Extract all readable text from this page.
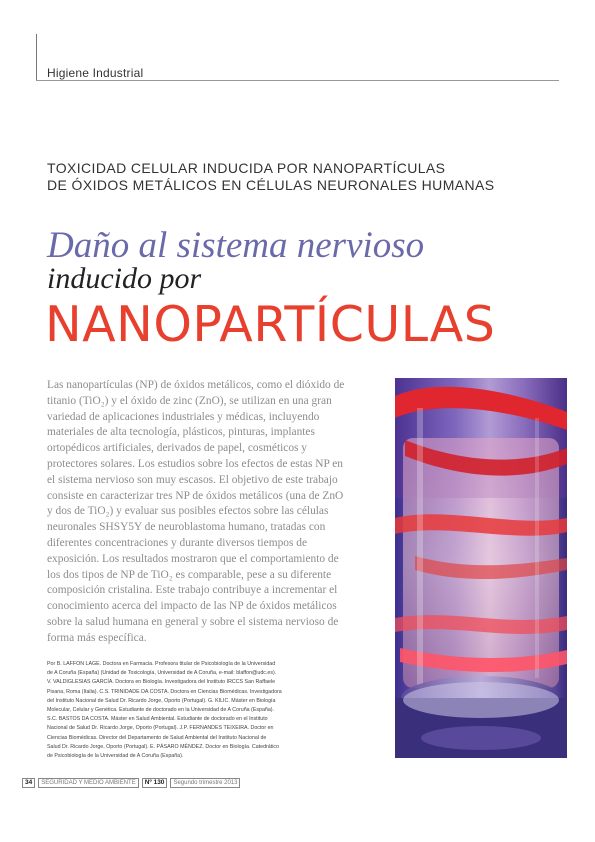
Higiene Industrial
TOXICIDAD CELULAR INDUCIDA POR NANOPARTÍCULAS
DE ÓXIDOS METÁLICOS EN CÉLULAS NEURONALES HUMANAS
Daño al sistema nervioso
inducido por
NANOPARTÍCULAS
Las nanopartículas (NP) de óxidos metálicos, como el dióxido de
titanio (TiO₂) y el óxido de zinc (ZnO), se utilizan en una gran
variedad de aplicaciones industriales y médicas, incluyendo
materiales de alta tecnología, plásticos, pinturas, implantes
ortopédicos artificiales, derivados de papel, cosméticos y
protectores solares. Los estudios sobre los efectos de estas NP en
el sistema nervioso son muy escasos. El objetivo de este trabajo
consiste en caracterizar tres NP de óxidos metálicos (una de ZnO
y dos de TiO₂) y evaluar sus posibles efectos sobre las células
neuronales SHSY5Y de neuroblastoma humano, tratadas con
diferentes concentraciones y durante diversos tiempos de
exposición. Los resultados mostraron que el comportamiento de
los dos tipos de NP de TiO₂ es comparable, pese a su diferente
composición cristalina. Este trabajo contribuye a incrementar el
conocimiento acerca del impacto de las NP de óxidos metálicos
sobre la salud humana en general y sobre el sistema nervioso de
forma más específica.
Por B. LAFFON LAGE. Doctora en Farmacia. Profesora titular de Psicobiología de la Universidad
de A Coruña (España) (Unidad de Toxicología, Universidad de A Coruña, e-mail: blaffon@udc.es).
V. VALDIGLESIAS GARCÍA. Doctora en Biología. Investigadora del Instituto IRCCS San Raffaele
Pisana, Roma (Italia). C.S. TRINIDADE DA COSTA. Doctora en Ciencias Biomédicas. Investigadora
del Instituto Nacional de Salud Dr. Ricardo Jorge, Oporto (Portugal). G. KILIC. Máster en Biología
Molecular, Celular y Genética. Estudiante de doctorado en la Universidad de A Coruña (España).
S.C. BASTOS DA COSTA. Máster en Salud Ambiental. Estudiante de doctorado en el Instituto
Nacional de Salud Dr. Ricardo Jorge, Oporto (Portugal). J.P. FERNANDES TEIXEIRA. Doctor en
Ciencias Biomédicas. Director del Departamento de Salud Ambiental del Instituto Nacional de
Salud Dr. Ricardo Jorge, Oporto (Portugal). E. PÁSARO MÉNDEZ. Doctor en Biología. Catedrático
de Psicobiología de la Universidad de A Coruña (España).
34	SEGURIDAD Y MEDIO AMBIENTE	Nº 130	Segundo trimestre 2013
